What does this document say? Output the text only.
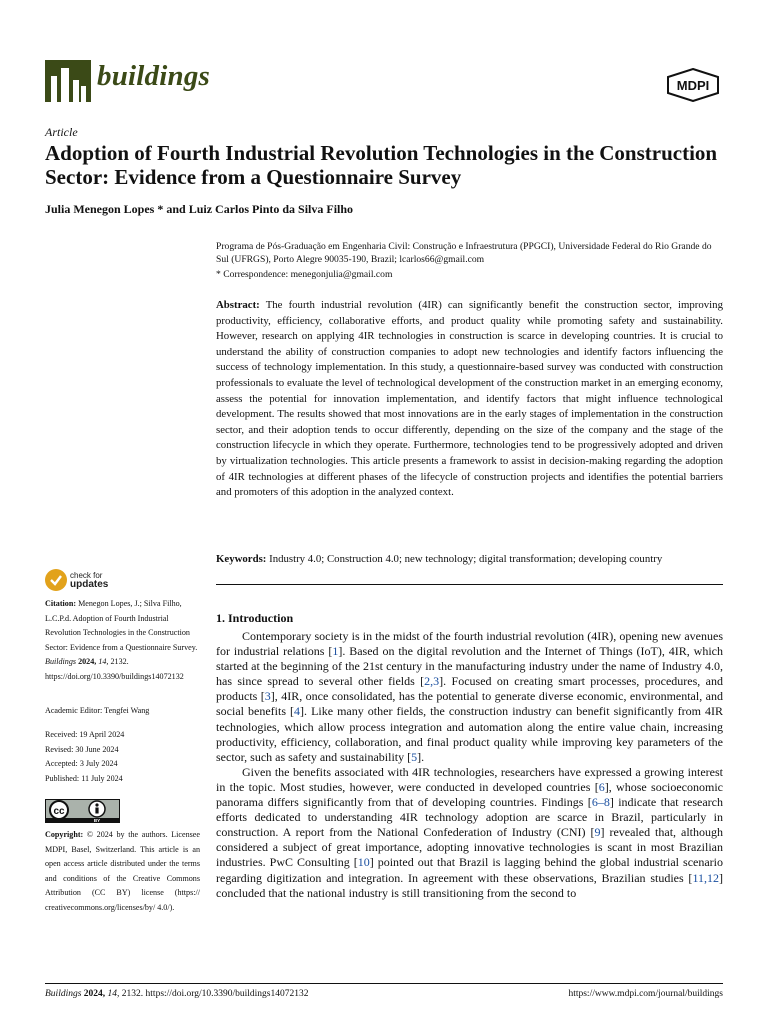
buildings	MDPI
Article
Adoption of Fourth Industrial Revolution Technologies in the Construction Sector: Evidence from a Questionnaire Survey
Julia Menegon Lopes * and Luiz Carlos Pinto da Silva Filho
Programa de Pós-Graduação em Engenharia Civil: Construção e Infraestrutura (PPGCI), Universidade Federal do Rio Grande do Sul (UFRGS), Porto Alegre 90035-190, Brazil; lcarlos66@gmail.com
* Correspondence: menegonjulia@gmail.com
Abstract: The fourth industrial revolution (4IR) can significantly benefit the construction sector, improving productivity, efficiency, collaborative efforts, and product quality while promoting safety and sustainability. However, research on applying 4IR technologies in construction is scarce in developing countries. It is crucial to understand the ability of construction companies to adopt new technologies and identify factors influencing the success of technology implementation. In this study, a questionnaire-based survey was conducted with construction professionals to evaluate the level of technological development of the construction market in an emerging economy, assess the potential for innovation implementation, and identify factors that might influence technological development. The results showed that most innovations are in the early stages of implementation in the construction sector, and their adoption tends to occur differently, depending on the size of the company and the stage of the construction lifecycle in which they operate. Furthermore, technologies tend to be progressively adopted and driven by virtualization technologies. This article presents a framework to assist in decision-making regarding the adoption of 4IR technologies at different phases of the lifecycle of construction projects and identifies the potential barriers and promoters of this adoption in the analyzed context.
Keywords: Industry 4.0; Construction 4.0; new technology; digital transformation; developing country
check for
updates
Citation: Menegon Lopes, J.; Silva Filho, L.C.P.d. Adoption of Fourth Industrial Revolution Technologies in the Construction Sector: Evidence from a Questionnaire Survey. Buildings 2024, 14, 2132. https://doi.org/10.3390/buildings14072132
Academic Editor: Tengfei Wang
Received: 19 April 2024
Revised: 30 June 2024
Accepted: 3 July 2024
Published: 11 July 2024
cc
BY
Copyright: © 2024 by the authors. Licensee MDPI, Basel, Switzerland. This article is an open access article distributed under the terms and conditions of the Creative Commons Attribution (CC BY) license (https:// creativecommons.org/licenses/by/ 4.0/).
1. Introduction

Contemporary society is in the midst of the fourth industrial revolution (4IR), opening new avenues for industrial relations [1]. Based on the digital revolution and the Internet of Things (IoT), 4IR, which started at the beginning of the 21st century in the manufacturing industry under the name of Industry 4.0, has since spread to several other fields [2,3]. Focused on creating smart processes, procedures, and products [3], 4IR, once consolidated, has the potential to generate diverse economic, environmental, and social benefits [4]. Like many other fields, the construction industry can benefit significantly from 4IR technologies, which allow process integration and automation along the entire value chain, increasing productivity, efficiency, collaboration, and final product quality while improving key parameters of the sector, such as safety and sustainability [5].

Given the benefits associated with 4IR technologies, researchers have expressed a growing interest in the topic. Most studies, however, were conducted in developed countries [6], whose socioeconomic panorama differs significantly from that of developing countries. Findings [6–8] indicate that research efforts dedicated to understanding 4IR technology adoption are scarce in Brazil, particularly in construction. A report from the National Confederation of Industry (CNI) [9] revealed that, although considered a subject of great importance, adopting innovative technologies is scant in most Brazilian industries. PwC Consulting [10] pointed out that Brazil is lagging behind the global industrial scenario regarding digitization and integration. In agreement with these observations, Brazilian studies [11,12] concluded that the national industry is still transitioning from the second to

Buildings 2024, 14, 2132. https://doi.org/10.3390/buildings14072132	https://www.mdpi.com/journal/buildings
